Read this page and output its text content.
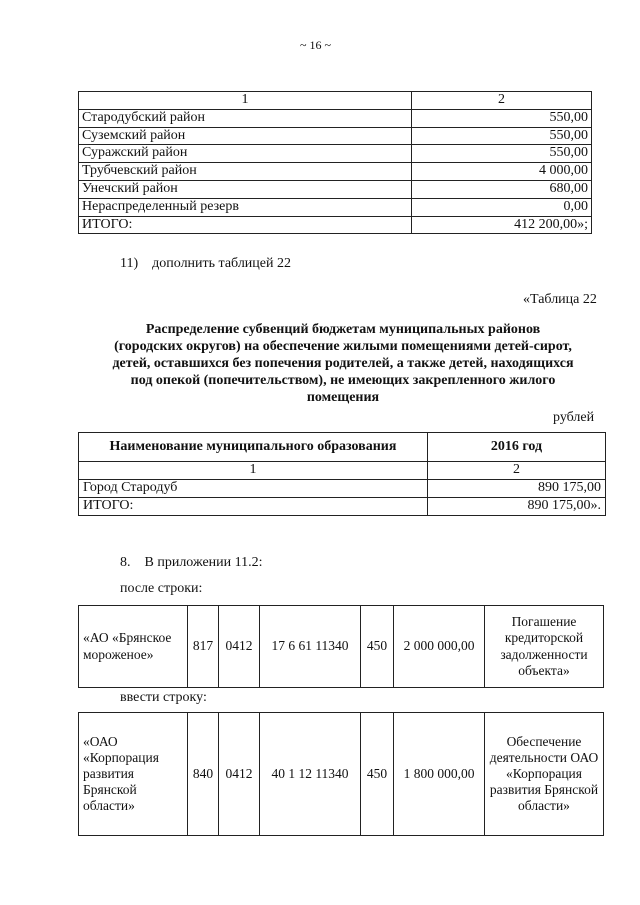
~ 16 ~
1	2
Стародубский район	550,00
Суземский район	550,00
Суражский район	550,00
Трубчевский район	4 000,00
Унечский район	680,00
Нераспределенный резерв	0,00
ИТОГО:	412 200,00»;
11)    дополнить таблицей 22
«Таблица 22
Распределение субвенций бюджетам муниципальных районов
(городских округов) на обеспечение жилыми помещениями детей-сирот,
детей, оставшихся без попечения родителей, а также детей, находящихся
под опекой (попечительством), не имеющих закрепленного жилого
помещения
рублей
Наименование муниципального образования	2016 год
1	2
Город Стародуб	890 175,00
ИТОГО:	890 175,00».
8.    В приложении 11.2:
после строки:
«АО «Брянское мороженое»	817	0412	17 6 61 11340	450	2 000 000,00	Погашение кредиторской задолженности объекта»
ввести строку:
«ОАО «Корпорация развития Брянской области»	840	0412	40 1 12 11340	450	1 800 000,00	Обеспечение деятельности ОАО «Корпорация развития Брянской области»
